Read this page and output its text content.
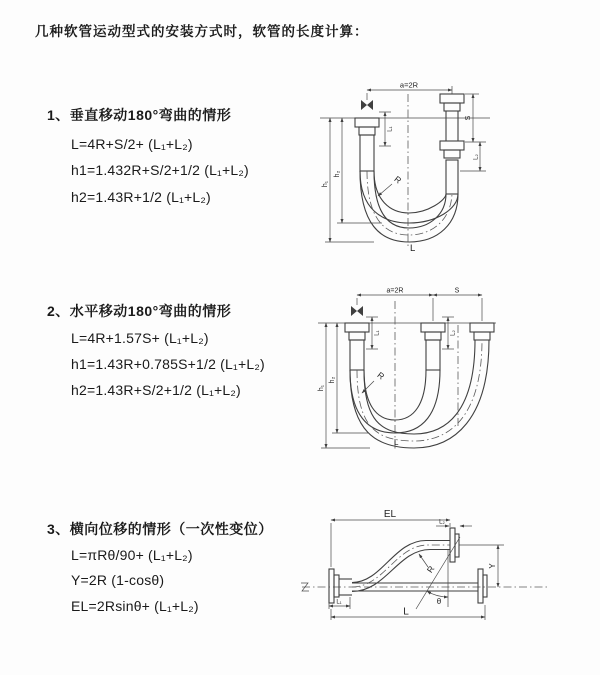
几种软管运动型式的安装方式时，软管的长度计算：
1、垂直移动180°弯曲的情形
L=4R+S/2+ (L₁+L₂)
h1=1.432R+S/2+1/2 (L₁+L₂)
h2=1.43R+1/2 (L₁+L₂)
2、水平移动180°弯曲的情形
L=4R+1.57S+ (L₁+L₂)
h1=1.43R+0.785S+1/2 (L₁+L₂)
h2=1.43R+S/2+1/2 (L₁+L₂)
3、横向位移的情形（一次性变位）
L=πRθ/90+ (L₁+L₂)
Y=2R (1-cosθ)
EL=2Rsinθ+ (L₁+L₂)
a=2R
S
L₂
h₁
h₂
L₁
R
L
a=2R	S
h₁
h₂
L₁	L₂
R
L
EL
L₂
Y
θ
R
L₁
L
